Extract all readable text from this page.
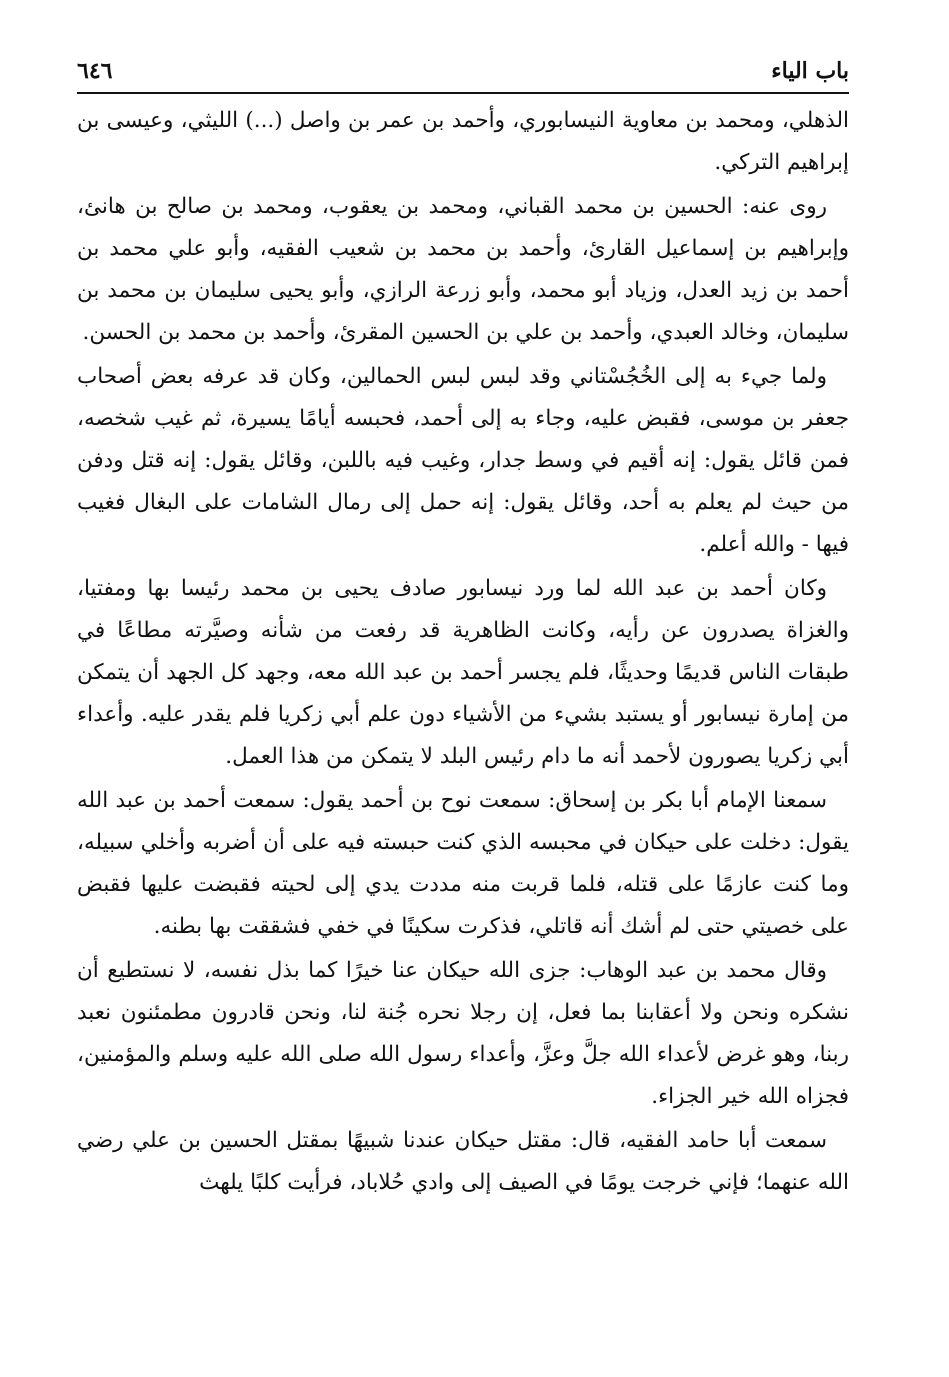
باب الياء
٦٤٦

الذهلي، ومحمد بن معاوية النيسابوري، وأحمد بن عمر بن واصل (...) الليثي، وعيسى بن إبراهيم التركي.

روى عنه: الحسين بن محمد القباني، ومحمد بن يعقوب، ومحمد بن صالح بن هانئ، وإبراهيم بن إسماعيل القارئ، وأحمد بن محمد بن شعيب الفقيه، وأبو علي محمد بن أحمد بن زيد العدل، وزياد أبو محمد، وأبو زرعة الرازي، وأبو يحيى سليمان بن محمد بن سليمان، وخالد العبدي، وأحمد بن علي بن الحسين المقرئ، وأحمد بن محمد بن الحسن.

ولما جيء به إلى الخُجُسْتاني وقد لبس لبس الحمالين، وكان قد عرفه بعض أصحاب جعفر بن موسى، فقبض عليه، وجاء به إلى أحمد، فحبسه أيامًا يسيرة، ثم غيب شخصه، فمن قائل يقول: إنه أقيم في وسط جدار، وغيب فيه باللبن، وقائل يقول: إنه قتل ودفن من حيث لم يعلم به أحد، وقائل يقول: إنه حمل إلى رمال الشامات على البغال فغيب فيها - والله أعلم.

وكان أحمد بن عبد الله لما ورد نيسابور صادف يحيى بن محمد رئيسا بها ومفتيا، والغزاة يصدرون عن رأيه، وكانت الظاهرية قد رفعت من شأنه وصيَّرته مطاعًا في طبقات الناس قديمًا وحديثًا، فلم يجسر أحمد بن عبد الله معه، وجهد كل الجهد أن يتمكن من إمارة نيسابور أو يستبد بشيء من الأشياء دون علم أبي زكريا فلم يقدر عليه. وأعداء أبي زكريا يصورون لأحمد أنه ما دام رئيس البلد لا يتمكن من هذا العمل.

سمعنا الإمام أبا بكر بن إسحاق: سمعت نوح بن أحمد يقول: سمعت أحمد بن عبد الله يقول: دخلت على حيكان في محبسه الذي كنت حبسته فيه على أن أضربه وأخلي سبيله، وما كنت عازمًا على قتله، فلما قربت منه مددت يدي إلى لحيته فقبضت عليها فقبض على خصيتي حتى لم أشك أنه قاتلي، فذكرت سكينًا في خفي فشققت بها بطنه.

وقال محمد بن عبد الوهاب: جزى الله حيكان عنا خيرًا كما بذل نفسه، لا نستطيع أن نشكره ونحن ولا أعقابنا بما فعل، إن رجلا نحره جُنة لنا، ونحن قادرون مطمئنون نعبد ربنا، وهو غرض لأعداء الله جلَّ وعزَّ، وأعداء رسول الله صلى الله عليه وسلم والمؤمنين، فجزاه الله خير الجزاء.

سمعت أبا حامد الفقيه، قال: مقتل حيكان عندنا شبيهًا بمقتل الحسين بن علي رضي الله عنهما؛ فإني خرجت يومًا في الصيف إلى وادي حُلاباد، فرأيت كلبًا يلهث
